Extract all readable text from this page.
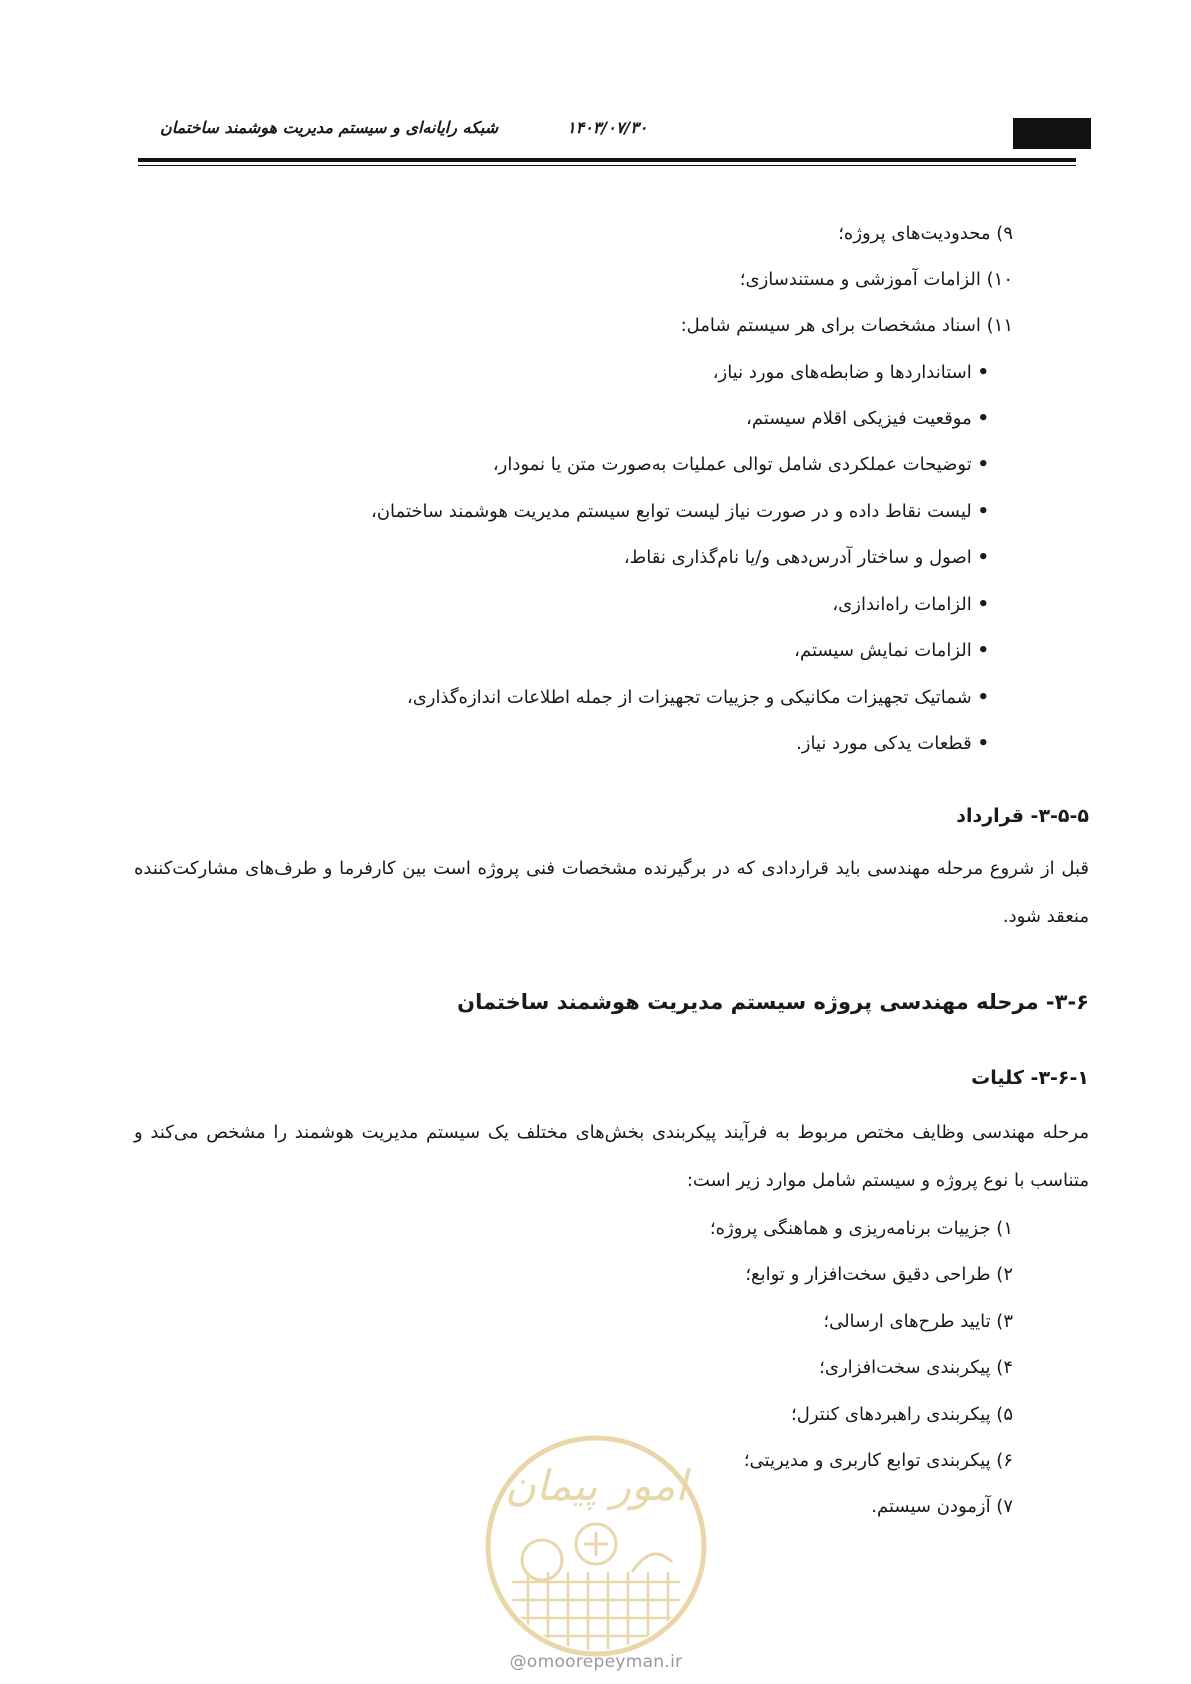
شبکه رایانه‌ای و سیستم مدیریت هوشمند ساختمان	۱۴۰۳/۰۷/۳۰
۹) محدودیت‌های پروژه؛
۱۰) الزامات آموزشی و مستندسازی؛
۱۱) اسناد مشخصات برای هر سیستم شامل:
• استانداردها و ضابطه‌های مورد نیاز،
• موقعیت فیزیکی اقلام سیستم،
• توضیحات عملکردی شامل توالی عملیات به‌صورت متن یا نمودار،
• لیست نقاط داده و در صورت نیاز لیست توابع سیستم مدیریت هوشمند ساختمان،
• اصول و ساختار آدرس‌دهی و/یا نام‌گذاری نقاط،
• الزامات راه‌اندازی،
• الزامات نمایش سیستم،
• شماتیک تجهیزات مکانیکی و جزییات تجهیزات از جمله اطلاعات اندازه‌گذاری،
• قطعات یدکی مورد نیاز.
۳-۵-۵- قرارداد
قبل از شروع مرحله مهندسی باید قراردادی که در برگیرنده مشخصات فنی پروژه است بین کارفرما و طرف‌های مشارکت‌کننده منعقد شود.
۳-۶- مرحله مهندسی پروژه سیستم مدیریت هوشمند ساختمان
۳-۶-۱- کلیات
مرحله مهندسی وظایف مختص مربوط به فرآیند پیکربندی بخش‌های مختلف یک سیستم مدیریت هوشمند را مشخص می‌کند و متناسب با نوع پروژه و سیستم شامل موارد زیر است:
۱) جزییات برنامه‌ریزی و هماهنگی پروژه؛
۲) طراحی دقیق سخت‌افزار و توابع؛
۳) تایید طرح‌های ارسالی؛
۴) پیکربندی سخت‌افزاری؛
۵) پیکربندی راهبردهای کنترل؛
۶) پیکربندی توابع کاربری و مدیریتی؛
۷) آزمودن سیستم.
امور پیمان
@omoorepeyman.ir
